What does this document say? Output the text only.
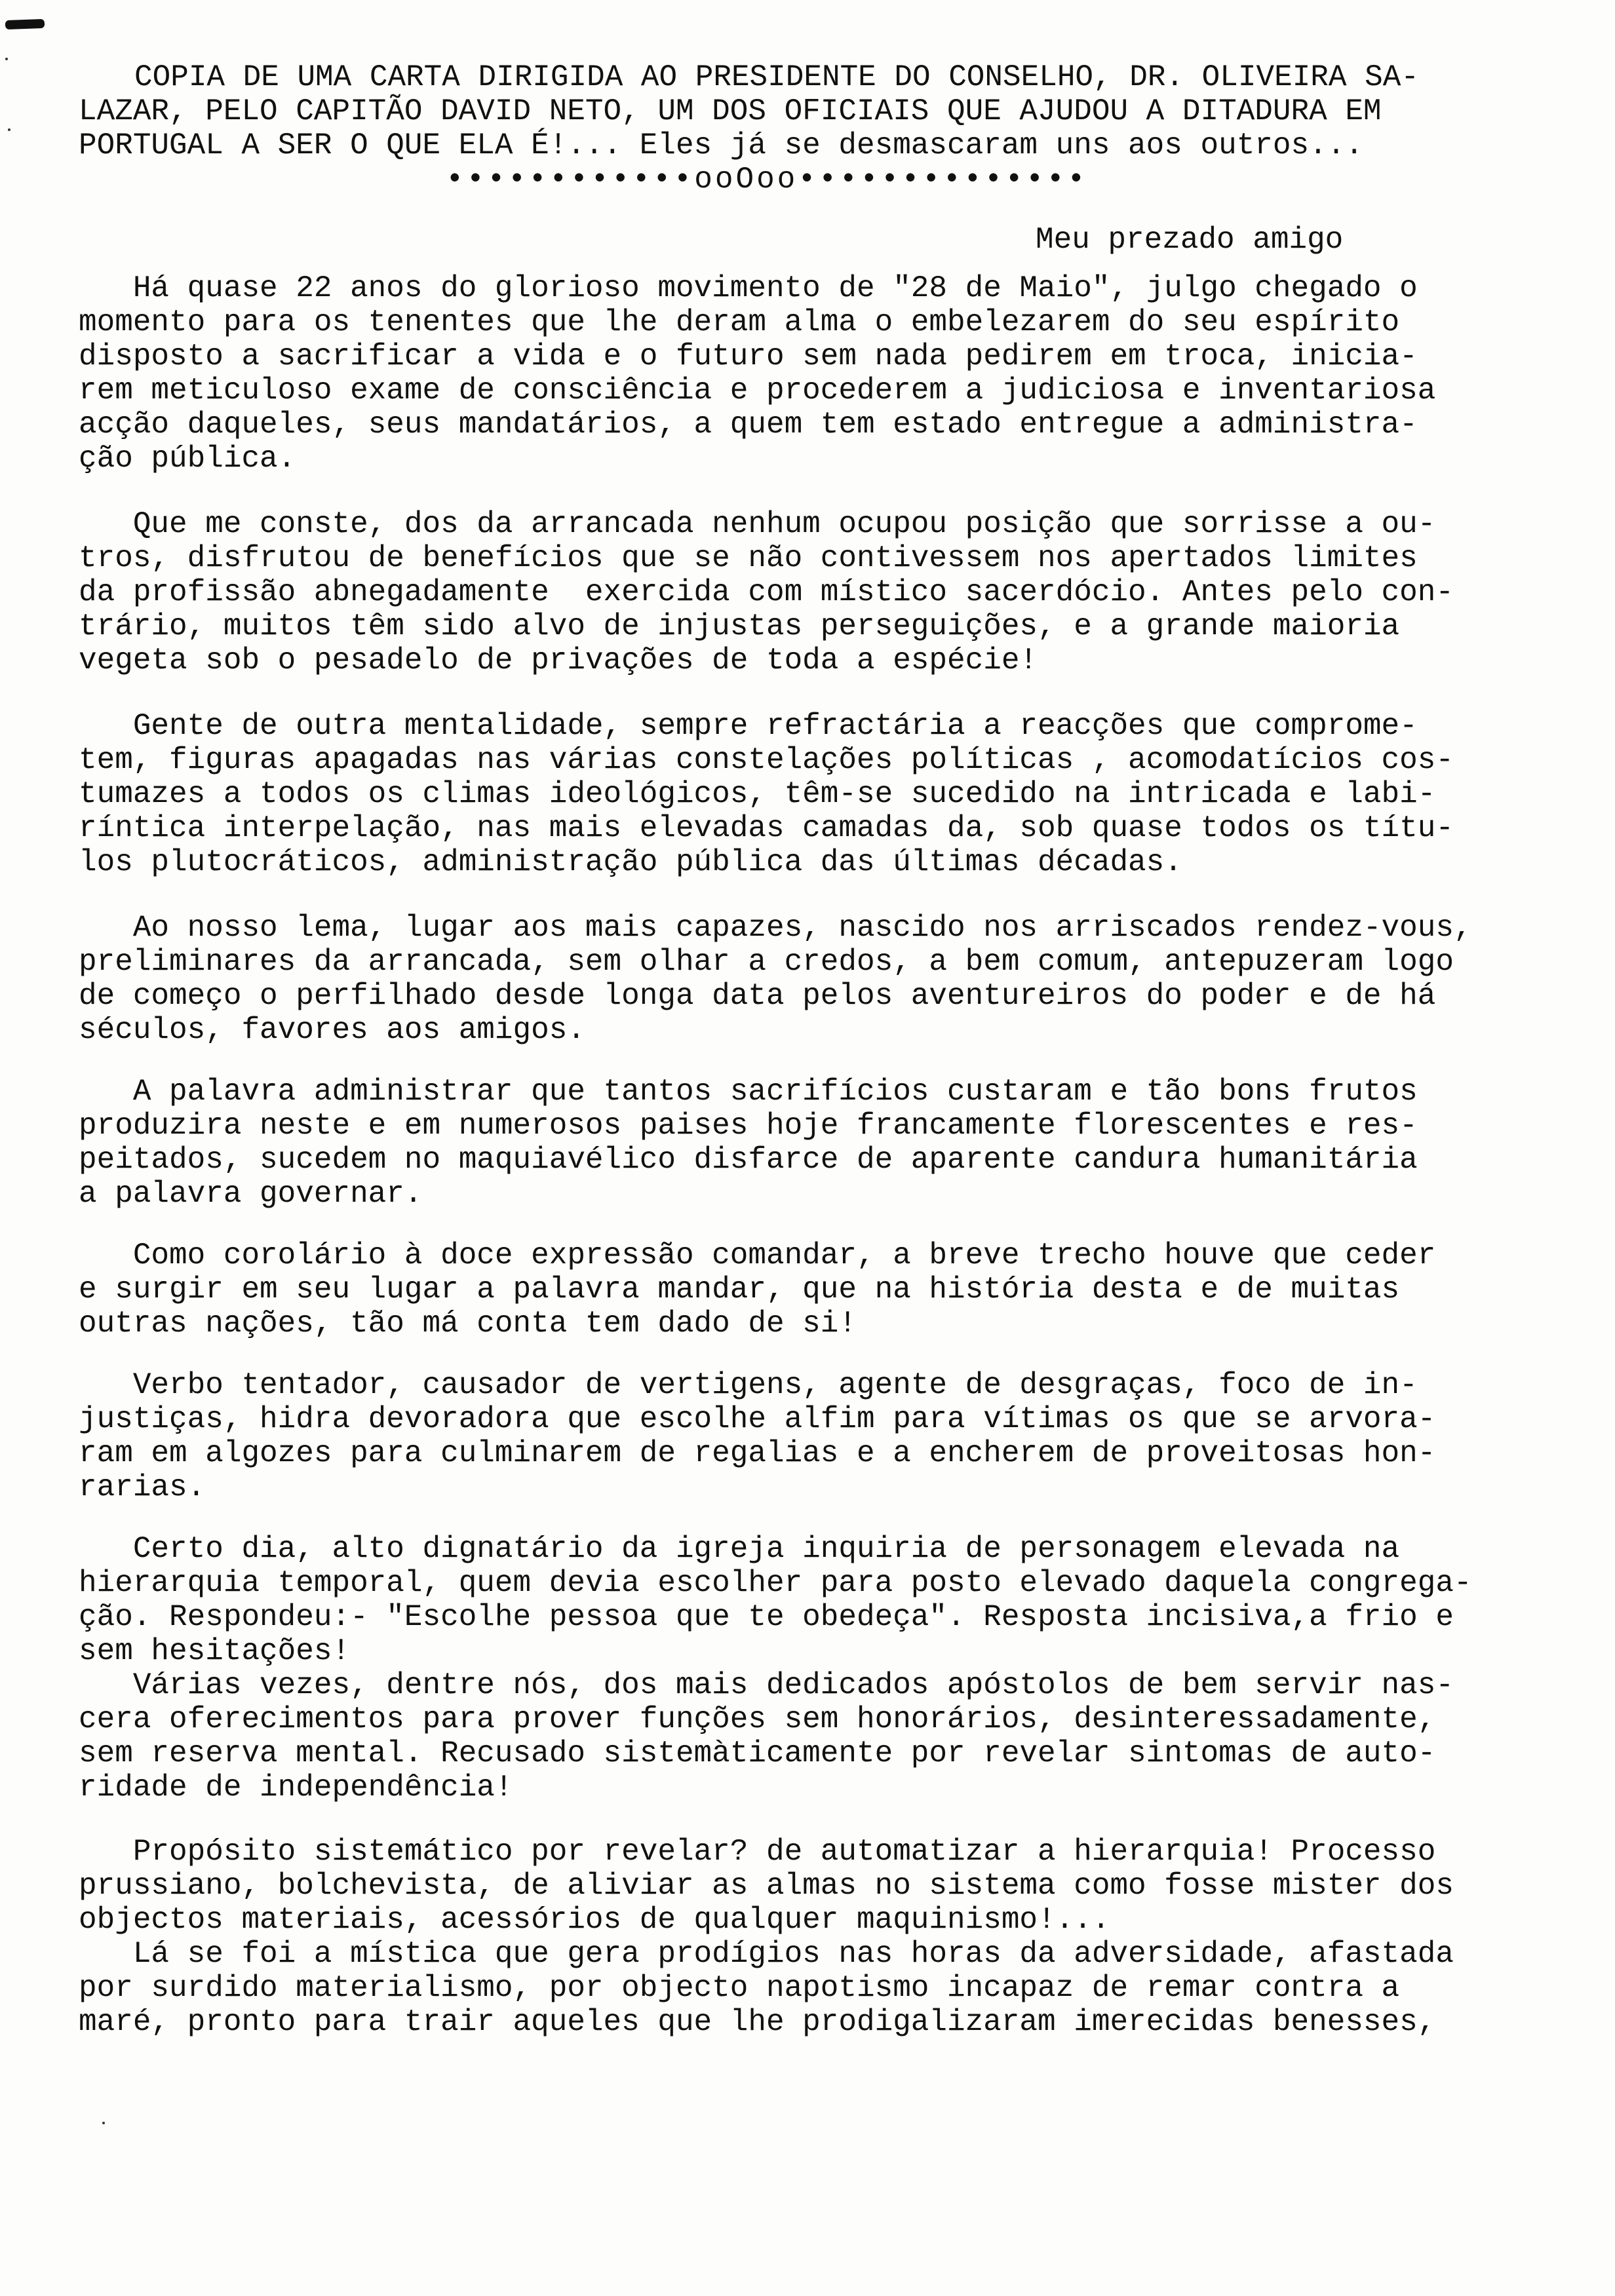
COPIA DE UMA CARTA DIRIGIDA AO PRESIDENTE DO CONSELHO, DR. OLIVEIRA SA-
LAZAR, PELO CAPITÃO DAVID NETO, UM DOS OFICIAIS QUE AJUDOU A DITADURA EM
PORTUGAL A SER O QUE ELA É!... Eles já se desmascaram uns aos outros...
••••••••••••ooOoo••••••••••••••
Meu prezado amigo
Há quase 22 anos do glorioso movimento de "28 de Maio", julgo chegado o
momento para os tenentes que lhe deram alma o embelezarem do seu espírito
disposto a sacrificar a vida e o futuro sem nada pedirem em troca, inicia-
rem meticuloso exame de consciência e procederem a judiciosa e inventariosa
acção daqueles, seus mandatários, a quem tem estado entregue a administra-
ção pública.
Que me conste, dos da arrancada nenhum ocupou posição que sorrisse a ou-
tros, disfrutou de benefícios que se não contivessem nos apertados limites
da profissão abnegadamente  exercida com místico sacerdócio. Antes pelo con-
trário, muitos têm sido alvo de injustas perseguições, e a grande maioria
vegeta sob o pesadelo de privações de toda a espécie!
Gente de outra mentalidade, sempre refractária a reacções que comprome-
tem, figuras apagadas nas várias constelações políticas , acomodatícios cos-
tumazes a todos os climas ideológicos, têm-se sucedido na intricada e labi-
ríntica interpelação, nas mais elevadas camadas da, sob quase todos os títu-
los plutocráticos, administração pública das últimas décadas.
Ao nosso lema, lugar aos mais capazes, nascido nos arriscados rendez-vous,
preliminares da arrancada, sem olhar a credos, a bem comum, antepuzeram logo
de começo o perfilhado desde longa data pelos aventureiros do poder e de há
séculos, favores aos amigos.
A palavra administrar que tantos sacrifícios custaram e tão bons frutos
produzira neste e em numerosos paises hoje francamente florescentes e res-
peitados, sucedem no maquiavélico disfarce de aparente candura humanitária
a palavra governar.
Como corolário à doce expressão comandar, a breve trecho houve que ceder
e surgir em seu lugar a palavra mandar, que na história desta e de muitas
outras nações, tão má conta tem dado de si!
Verbo tentador, causador de vertigens, agente de desgraças, foco de in-
justiças, hidra devoradora que escolhe alfim para vítimas os que se arvora-
ram em algozes para culminarem de regalias e a encherem de proveitosas hon-
rarias.
Certo dia, alto dignatário da igreja inquiria de personagem elevada na
hierarquia temporal, quem devia escolher para posto elevado daquela congrega-
ção. Respondeu:- "Escolhe pessoa que te obedeça". Resposta incisiva,a frio e
sem hesitações!
Várias vezes, dentre nós, dos mais dedicados apóstolos de bem servir nas-
cera oferecimentos para prover funções sem honorários, desinteressadamente,
sem reserva mental. Recusado sistemàticamente por revelar sintomas de auto-
ridade de independência!
Propósito sistemático por revelar? de automatizar a hierarquia! Processo
prussiano, bolchevista, de aliviar as almas no sistema como fosse mister dos
objectos materiais, acessórios de qualquer maquinismo!...
Lá se foi a mística que gera prodígios nas horas da adversidade, afastada
por surdido materialismo, por objecto napotismo incapaz de remar contra a
maré, pronto para trair aqueles que lhe prodigalizaram imerecidas benesses,
